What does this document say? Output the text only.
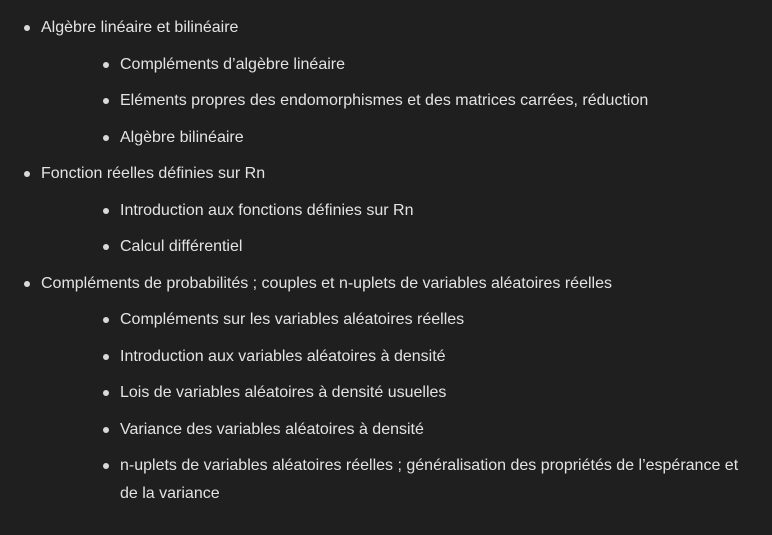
Algèbre linéaire et bilinéaire
Compléments d’algèbre linéaire
Eléments propres des endomorphismes et des matrices carrées, réduction
Algèbre bilinéaire
Fonction réelles définies sur Rn
Introduction aux fonctions définies sur Rn
Calcul différentiel
Compléments de probabilités ; couples et n-uplets de variables aléatoires réelles
Compléments sur les variables aléatoires réelles
Introduction aux variables aléatoires à densité
Lois de variables aléatoires à densité usuelles
Variance des variables aléatoires à densité
n-uplets de variables aléatoires réelles ; généralisation des propriétés de l’espérance et de la variance
